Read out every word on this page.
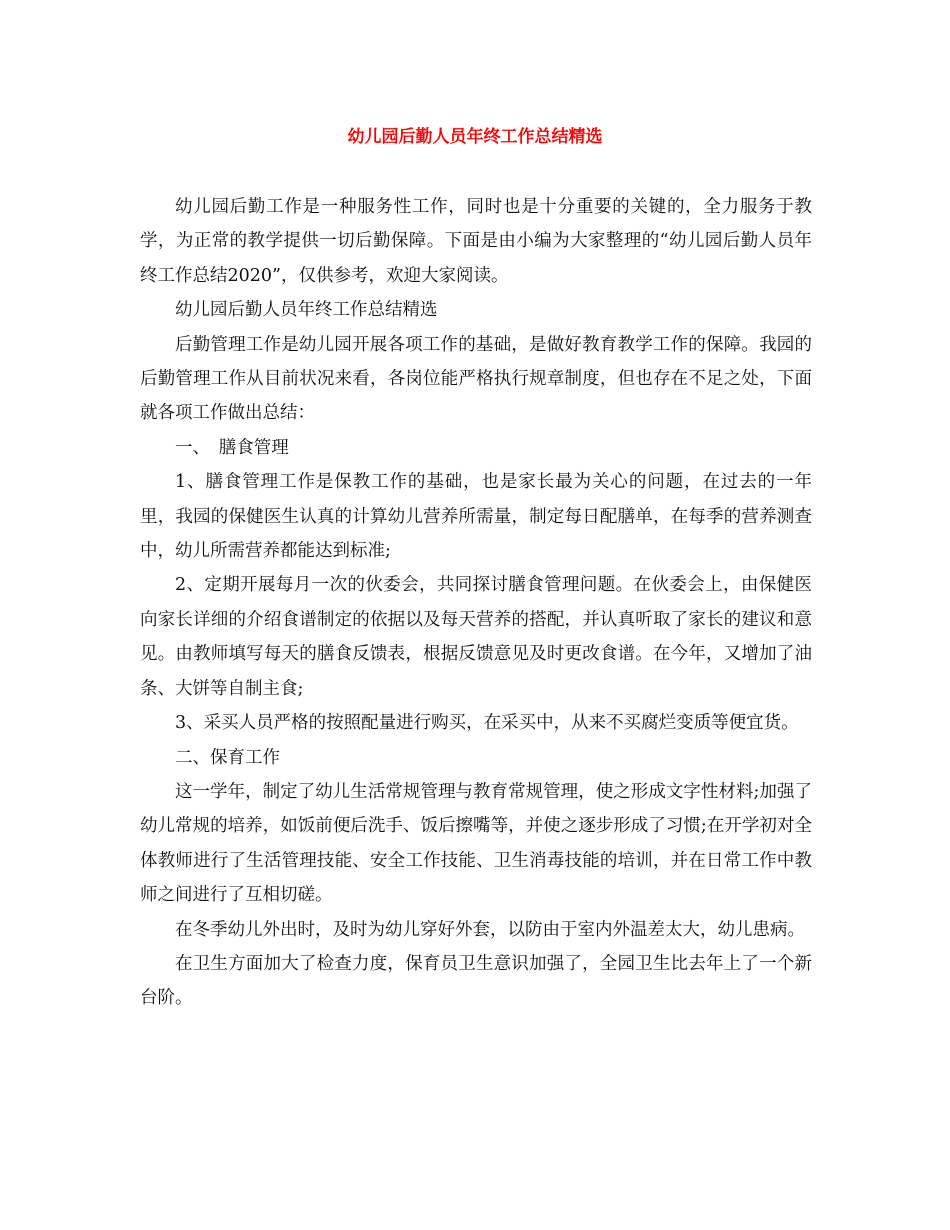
幼儿园后勤人员年终工作总结精选

幼儿园后勤工作是一种服务性工作，同时也是十分重要的关键的，全力服务于教学，为正常的教学提供一切后勤保障。下面是由小编为大家整理的“幼儿园后勤人员年终工作总结2020”，仅供参考，欢迎大家阅读。

幼儿园后勤人员年终工作总结精选

后勤管理工作是幼儿园开展各项工作的基础，是做好教育教学工作的保障。我园的后勤管理工作从目前状况来看，各岗位能严格执行规章制度，但也存在不足之处，下面就各项工作做出总结：

一、　膳食管理

1、膳食管理工作是保教工作的基础，也是家长最为关心的问题，在过去的一年里，我园的保健医生认真的计算幼儿营养所需量，制定每日配膳单，在每季的营养测查中，幼儿所需营养都能达到标准;

2、定期开展每月一次的伙委会，共同探讨膳食管理问题。在伙委会上，由保健医向家长详细的介绍食谱制定的依据以及每天营养的搭配，并认真听取了家长的建议和意见。由教师填写每天的膳食反馈表，根据反馈意见及时更改食谱。在今年，又增加了油条、大饼等自制主食;

3、采买人员严格的按照配量进行购买，在采买中，从来不买腐烂变质等便宜货。

二、保育工作

这一学年，制定了幼儿生活常规管理与教育常规管理，使之形成文字性材料;加强了幼儿常规的培养，如饭前便后洗手、饭后擦嘴等，并使之逐步形成了习惯;在开学初对全体教师进行了生活管理技能、安全工作技能、卫生消毒技能的培训，并在日常工作中教师之间进行了互相切磋。

在冬季幼儿外出时，及时为幼儿穿好外套，以防由于室内外温差太大，幼儿患病。

在卫生方面加大了检查力度，保育员卫生意识加强了，全园卫生比去年上了一个新台阶。
